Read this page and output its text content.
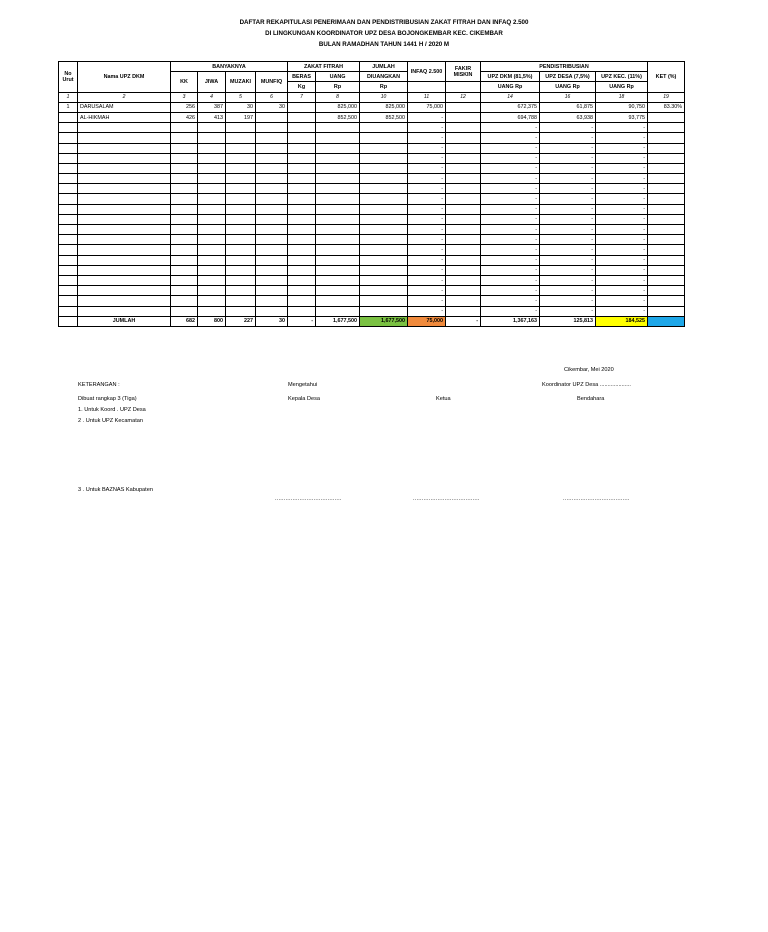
DAFTAR REKAPITULASI PENERIMAAN DAN PENDISTRIBUSIAN ZAKAT FITRAH DAN INFAQ 2.500
DI LINGKUNGAN KOORDINATOR UPZ DESA BOJONGKEMBAR KEC. CIKEMBAR
BULAN RAMADHAN TAHUN 1441 H / 2020 M
No Urut	Nama UPZ DKM	BANYAKNYA				ZAKAT FITRAH		JUMLAH	INFAQ 2.500	FAKIR MISKIN	PENDISTRIBUSIAN			KET (%)
		KK	JIWA	MUZAKI	MUNFIQ	BERAS	UANG	DIUANGKAN			UPZ DKM (81,5%)	UPZ DESA (7,5%)	UPZ KEC. (11%)	
						Kg	Rp	Rp			UANG Rp	UANG Rp	UANG Rp	
1	2	3	4	5	6	7	8	10	11	12	14	16	18	19
1	DARUSALAM	256	387	30	30		825,000	825,000	75,000		672,375	61,875	90,750	83.30%
	AL-HIKMAH	426	413	197			852,500	852,500	-		694,788	63,938	93,775	
									-		-	-	-	
									-		-	-	-	
									-		-	-	-	
									-		-	-	-	
									-		-	-	-	
									-		-	-	-	
									-		-	-	-	
									-		-	-	-	
									-		-	-	-	
									-		-	-	-	
									-		-	-	-	
									-		-	-	-	
									-		-	-	-	
									-		-	-	-	
									-		-	-	-	
									-		-	-	-	
									-		-	-	-	
									-		-	-	-	
									-		-	-	-	
	JUMLAH	682	800	227	30	-	1,677,500	1,677,500	75,000	-	1,367,163	125,813	184,525	
Cikembar, Mei 2020
KETERANGAN :
Dibuat rangkap 3 (Tiga)
1. Untuk Koord . UPZ Desa
2 . Untuk UPZ Kecamatan
3 . Untuk BAZNAS Kabupaten
Mengetahui
Kepala Desa	Ketua
Koordinator UPZ Desa ....................
Bendahara
......................................	......................................	......................................
